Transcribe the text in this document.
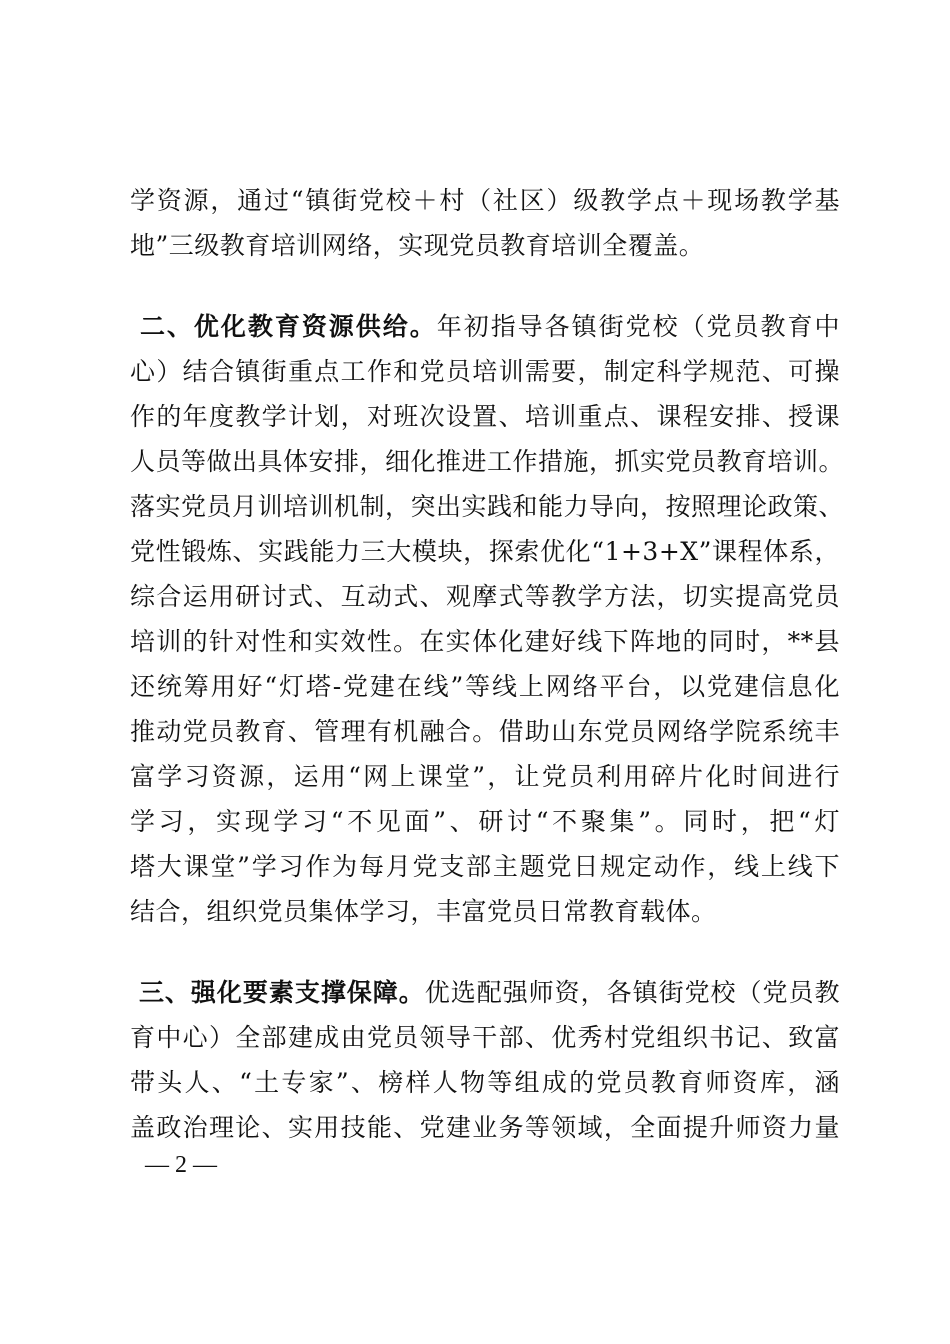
学资源，通过“镇街党校＋村（社区）级教学点＋现场教学基
地”三级教育培训网络，实现党员教育培训全覆盖。
二、优化教育资源供给。年初指导各镇街党校（党员教育中
心）结合镇街重点工作和党员培训需要，制定科学规范、可操
作的年度教学计划，对班次设置、培训重点、课程安排、授课
人员等做出具体安排，细化推进工作措施，抓实党员教育培训。
落实党员月训培训机制，突出实践和能力导向，按照理论政策、
党性锻炼、实践能力三大模块，探索优化“1+3+X”课程体系，
综合运用研讨式、互动式、观摩式等教学方法，切实提高党员
培训的针对性和实效性。在实体化建好线下阵地的同时，**县
还统筹用好“灯塔-党建在线”等线上网络平台，以党建信息化
推动党员教育、管理有机融合。借助山东党员网络学院系统丰
富学习资源，运用“网上课堂”，让党员利用碎片化时间进行
学习，实现学习“不见面”、研讨“不聚集”。同时，把“灯
塔大课堂”学习作为每月党支部主题党日规定动作，线上线下
结合，组织党员集体学习，丰富党员日常教育载体。
三、强化要素支撑保障。优选配强师资，各镇街党校（党员教
育中心）全部建成由党员领导干部、优秀村党组织书记、致富
带头人、“土专家”、榜样人物等组成的党员教育师资库，涵
盖政治理论、实用技能、党建业务等领域，全面提升师资力量
— 2 —
